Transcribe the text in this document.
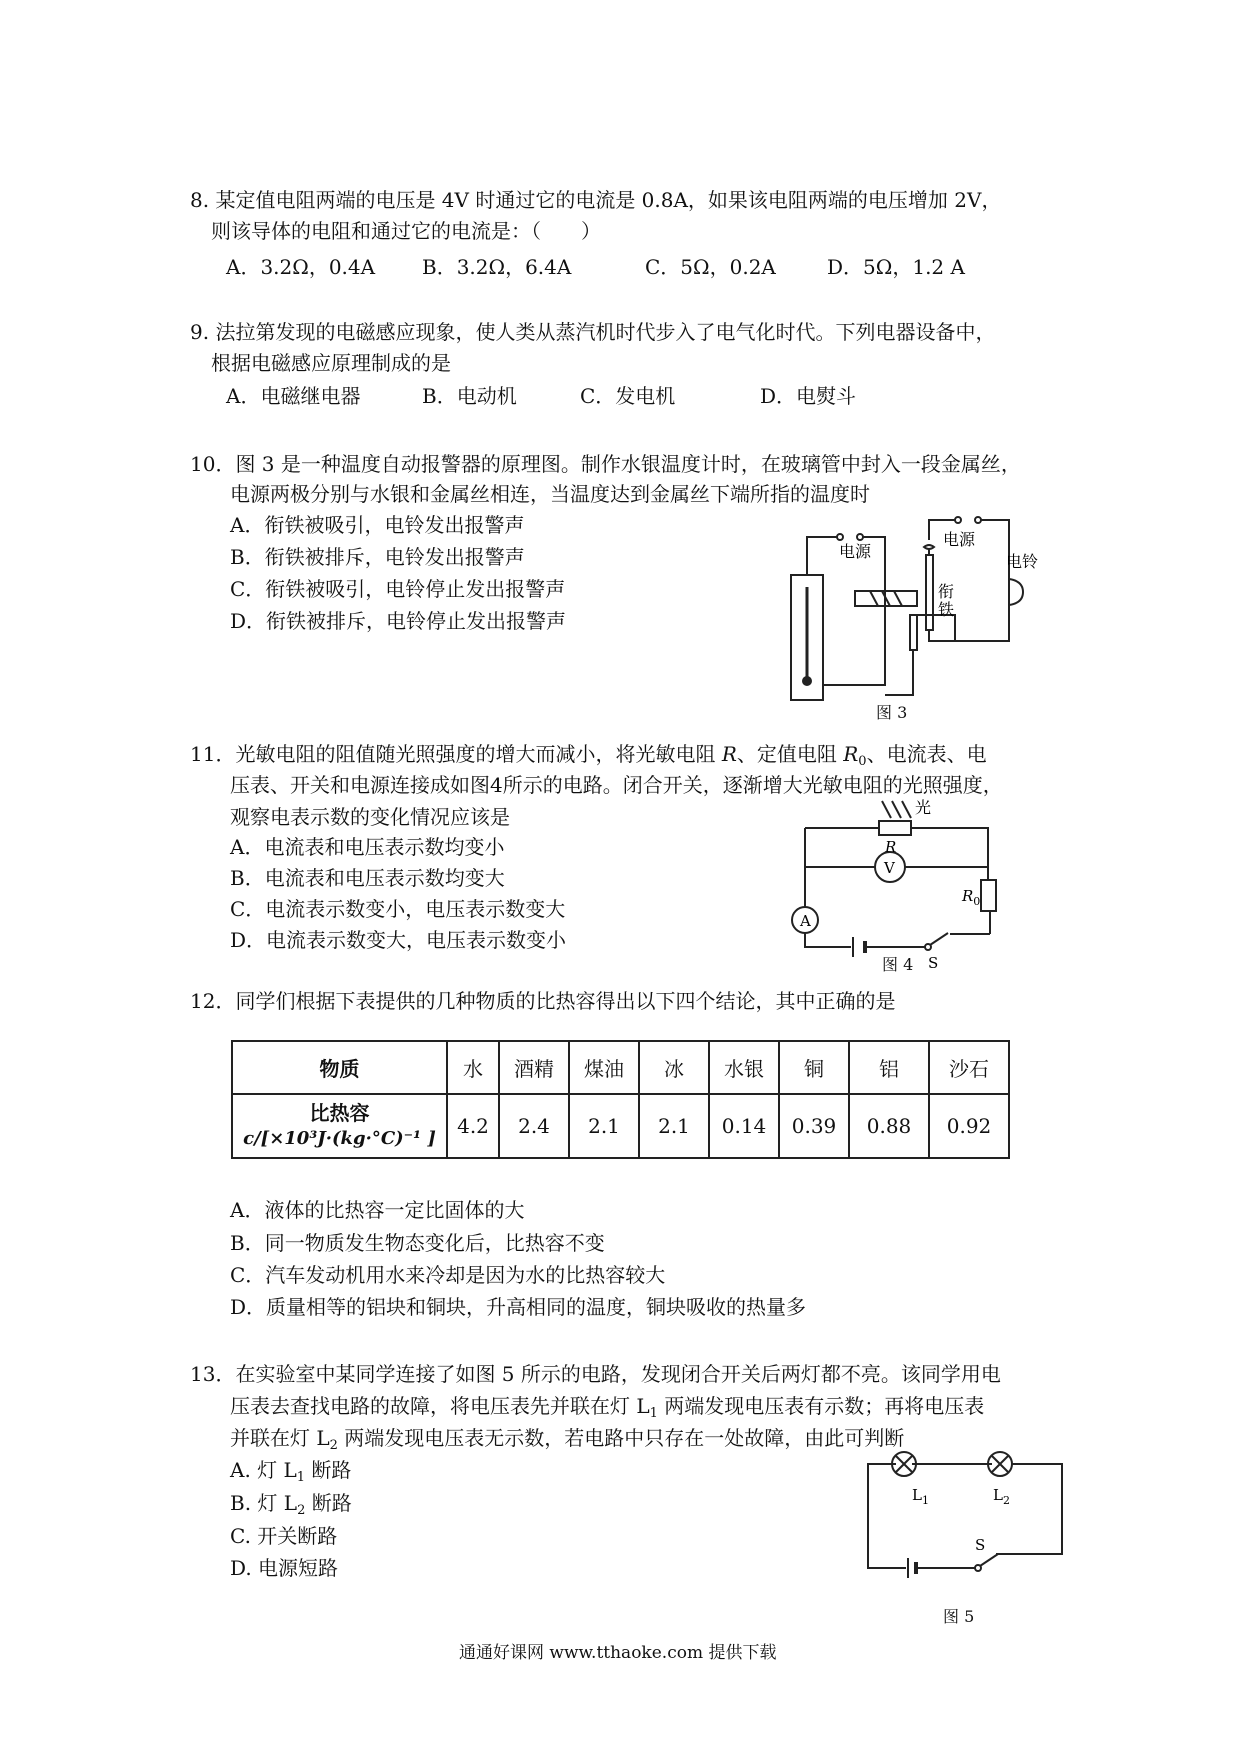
8. 某定值电阻两端的电压是 4V 时通过它的电流是 0.8A，如果该电阻两端的电压增加 2V，
则该导体的电阻和通过它的电流是：（　　）
A．3.2Ω，0.4A B．3.2Ω，6.4A	C．5Ω，0.2A	D．5Ω，1.2 A
9. 法拉第发现的电磁感应现象，使人类从蒸汽机时代步入了电气化时代。下列电器设备中，
根据电磁感应原理制成的是
A．电磁继电器	B．电动机	C．发电机	D．电熨斗
10．图 3 是一种温度自动报警器的原理图。制作水银温度计时，在玻璃管中封入一段金属丝，
电源两极分别与水银和金属丝相连，当温度达到金属丝下端所指的温度时
A．衔铁被吸引，电铃发出报警声
B．衔铁被排斥，电铃发出报警声
C．衔铁被吸引，电铃停止发出报警声
D．衔铁被排斥，电铃停止发出报警声
电源
电源
衔
铁
电铃
图 3
11．光敏电阻的阻值随光照强度的增大而减小，将光敏电阻 R、定值电阻 $R_0$、电流表、电
压表、开关和电源连接成如图4所示的电路。闭合开关，逐渐增大光敏电阻的光照强度，
观察电表示数的变化情况应该是
A．电流表和电压表示数均变小
B．电流表和电压表示数均变大
C．电流表示数变小，电压表示数变大
D．电流表示数变大，电压表示数变小
光
R
V
A
$R_0$
S
图 4
12．同学们根据下表提供的几种物质的比热容得出以下四个结论，其中正确的是
物质	水	酒精	煤油	冰	水银	铜	铝	沙石

比热容
c/[×10³J·(kg·°C)⁻¹ ]	4.2	2.4	2.1	2.1	0.14	0.39	0.88	0.92
A．液体的比热容一定比固体的大
B．同一物质发生物态变化后，比热容不变
C．汽车发动机用水来冷却是因为水的比热容较大
D．质量相等的铝块和铜块，升高相同的温度，铜块吸收的热量多
13．在实验室中某同学连接了如图 5 所示的电路，发现闭合开关后两灯都不亮。该同学用电
压表去查找电路的故障，将电压表先并联在灯 $L_1$ 两端发现电压表有示数；再将电压表
并联在灯 $L_2$ 两端发现电压表无示数，若电路中只存在一处故障，由此可判断
A. 灯 $L_1$ 断路
B. 灯 $L_2$ 断路
C. 开关断路
D. 电源短路
$L_1$	$L_2$
S
图 5
通通好课网 www.tthaoke.com 提供下载
